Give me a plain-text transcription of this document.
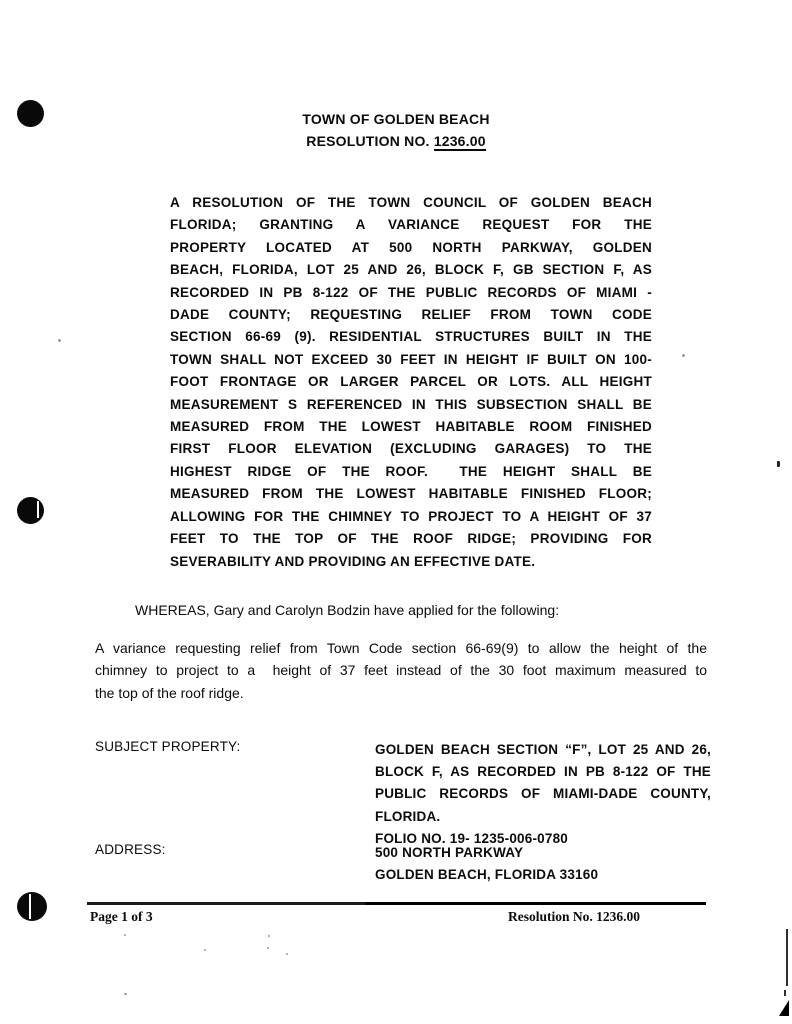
TOWN OF GOLDEN BEACH
RESOLUTION NO. 1236.00
A RESOLUTION OF THE TOWN COUNCIL OF GOLDEN BEACH
FLORIDA; GRANTING A VARIANCE REQUEST FOR THE
PROPERTY LOCATED AT 500 NORTH PARKWAY, GOLDEN
BEACH, FLORIDA, LOT 25 AND 26, BLOCK F, GB SECTION F, AS
RECORDED IN PB 8-122 OF THE PUBLIC RECORDS OF MIAMI -
DADE COUNTY; REQUESTING RELIEF FROM TOWN CODE
SECTION 66-69 (9). RESIDENTIAL STRUCTURES BUILT IN THE
TOWN SHALL NOT EXCEED 30 FEET IN HEIGHT IF BUILT ON 100-
FOOT FRONTAGE OR LARGER PARCEL OR LOTS. ALL HEIGHT
MEASUREMENT S REFERENCED IN THIS SUBSECTION SHALL BE
MEASURED FROM THE LOWEST HABITABLE ROOM FINISHED
FIRST FLOOR ELEVATION (EXCLUDING GARAGES) TO THE
HIGHEST RIDGE OF THE ROOF.  THE HEIGHT SHALL BE
MEASURED FROM THE LOWEST HABITABLE FINISHED FLOOR;
ALLOWING FOR THE CHIMNEY TO PROJECT TO A HEIGHT OF 37
FEET TO THE TOP OF THE ROOF RIDGE; PROVIDING FOR
SEVERABILITY AND PROVIDING AN EFFECTIVE DATE.
WHEREAS, Gary and Carolyn Bodzin have applied for the following:
A variance requesting relief from Town Code section 66-69(9) to allow the height of the
chimney to project to a  height of 37 feet instead of the 30 foot maximum measured to
the top of the roof ridge.
SUBJECT PROPERTY:	GOLDEN BEACH SECTION “F”, LOT 25 AND 26,
BLOCK F, AS RECORDED IN PB 8-122 OF THE
PUBLIC RECORDS OF MIAMI-DADE COUNTY,
FLORIDA.
FOLIO NO. 19- 1235-006-0780
ADDRESS:	500 NORTH PARKWAY
GOLDEN BEACH, FLORIDA 33160
Page 1 of 3	Resolution No. 1236.00
